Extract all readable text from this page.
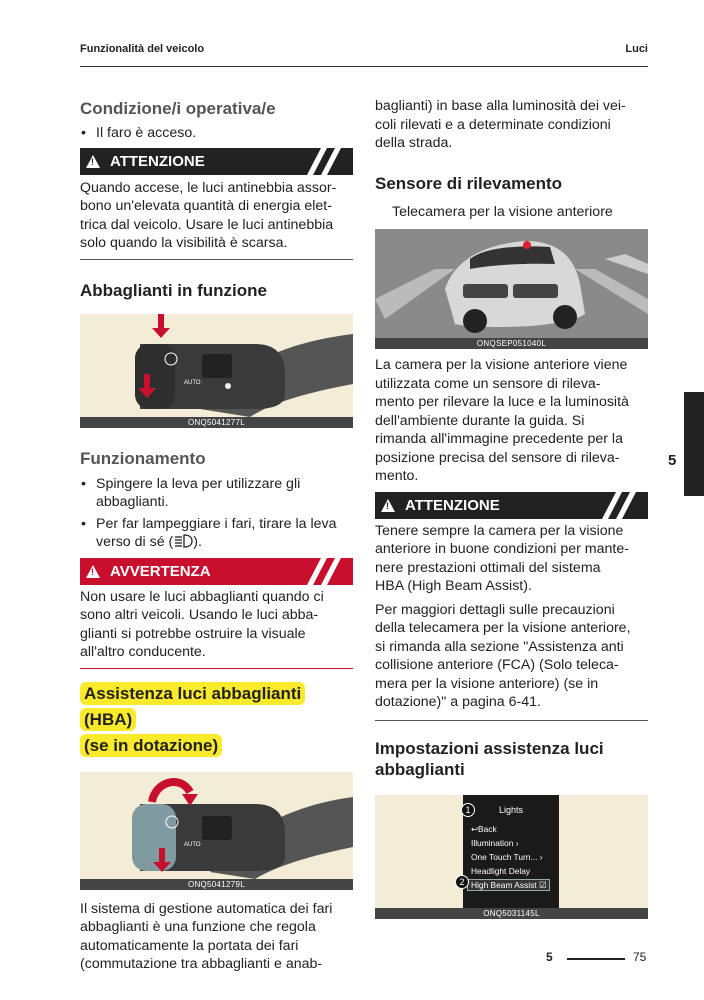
Funzionalità del veicolo	Luci
Condizione/i operativa/e
• Il faro è acceso.
! ATTENZIONE
Quando accese, le luci antinebbia assor-
bono un'elevata quantità di energia elet-
trica dal veicolo. Usare le luci antinebbia
solo quando la visibilità è scarsa.
Abbaglianti in funzione
AUTO
ONQ5041277L
Funzionamento
• Spingere la leva per utilizzare gli
abbaglianti.
• Per far lampeggiare i fari, tirare la leva
verso di sé ( ).
! AVVERTENZA
Non usare le luci abbaglianti quando ci
sono altri veicoli. Usando le luci abba-
glianti si potrebbe ostruire la visuale
all'altro conducente.
Assistenza luci abbaglianti (HBA)
(se in dotazione)
AUTO
ONQ5041279L
Il sistema di gestione automatica dei fari
abbaglianti è una funzione che regola
automaticamente la portata dei fari
(commutazione tra abbaglianti e anab-
baglianti) in base alla luminosità dei vei-
coli rilevati e a determinate condizioni
della strada.
Sensore di rilevamento
Telecamera per la visione anteriore
ONQSEP051040L
La camera per la visione anteriore viene
utilizzata come un sensore di rileva-
mento per rilevare la luce e la luminosità
dell'ambiente durante la guida. Si
rimanda all'immagine precedente per la
posizione precisa del sensore di rileva-
mento.
! ATTENZIONE
Tenere sempre la camera per la visione
anteriore in buone condizioni per mante-
nere prestazioni ottimali del sistema
HBA (High Beam Assist).
Per maggiori dettagli sulle precauzioni
della telecamera per la visione anteriore,
si rimanda alla sezione "Assistenza anti
collisione anteriore (FCA) (Solo teleca-
mera per la visione anteriore) (se in
dotazione)" a pagina 6-41.
Impostazioni assistenza luci
abbaglianti
Lights
↩Back
Illumination ›
One Touch Turn... ›
Headlight Delay
High Beam Assist ☑
1
2
ONQ5031145L
5
5	75
